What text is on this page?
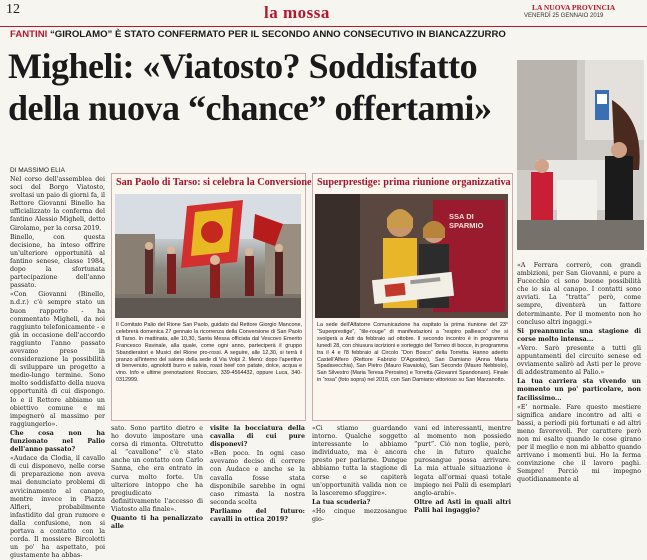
12	la mossa	LA NUOVA PROVINCIA
VENERDÌ 25 GENNAIO 2019
FANTINI “GIROLAMO” È STATO CONFERMATO PER IL SECONDO ANNO CONSECUTIVO IN BIANCAZZURRO
Migheli: «Viatosto? Soddisfatto
della nuova “chance” offertami»
DI MASSIMO ELIA

Nel corso dell'assemblea dei soci del Borgo Viatosto, svoltasi un paio di giorni fa, il Rettore Giovanni Binello ha ufficializzato la conferma del fantino Alessio Migheli, detto Girolamo, per la corsa 2019.

Binello, con questa decisione, ha inteso offrire un'ulteriore opportunità al fantino senese, classe 1984, dopo la sfortunata partecipazione dell'anno passato.

«Con Giovanni (Binello, n.d.r.) c'è sempre stato un buon rapporto - ha commentato Migheli, da noi raggiunto telefonicamente - e già in occasione dell'accordo raggiunto l'anno passato avevamo preso in considerazione la possibilità di sviluppare un progetto a medio-lungo termine. Sono molto soddisfatto della nuova opportunità di cui dispongo. Io e il Rettore abbiamo un obiettivo comune e mi impegnerò al massimo per raggiungerlo».

Che cosa non ha funzionato nel Palio dell'anno passato?

«Audace da Clodia, il cavallo di cui disponevo, nelle corse di preparazione non aveva mai denunciato problemi di avvicinamento al canapo, mentre invece in Piazza Alfieri, probabilmente infastidito dal gran rumore e dalla confusione, non si portava a contatto con la corda. Il mossiere Bircolotti un po' ha aspettato, poi giustamente ha abbas-

San Paolo di Tarso: si celebra la Conversione
Il Comitato Palio del Rione San Paolo, guidato dal Rettore Giorgio Mancone, celebrerà domenica 27 gennaio la ricorrenza della Conversione di San Paolo di Tarso. In mattinata, alle 10,30, Santa Messa officiata dal Vescovo Emerito Francesco Ravinale, alla quale, come ogni anno, parteciperà il gruppo Sbandieratori e Musici del Rione pro-rossi. A seguire, alle 12,30, si terrà il pranzo all'interno del salone della sede di Via Volpi 2. Menù: dopo l'aperitivo di benvenuto, agnolotti burro e salvia, roast beef con patate, dolce, acqua e vino. Info e ultime prenotazioni: Roccaro, 339-4564432, oppure Luca, 340-0312999.
Superprestige: prima riunione organizzativa
SSA DI SPARMIO
La sede dell'Alfatorre Comunicazione ha ospitato la prima riunione del 23° “Superprestige”, “tile-rouge” di manifestazioni a “respiro palliesco” che si svolgerà a Asti da febbraio ad ottobre. Il secondo incontro è in programma lunedì 28, con chiusura iscrizioni e sorteggio del Torneo di bocce, in programma tra il 4 e l'8 febbraio al Circolo “Don Bosco” della Torretta. Hanno aderito Castell'Alfero (Rettore Fabrizio D'Agostino), San Damiano (Anna Maria Spadavecchia), San Pietro (Mauro Ravaiola), San Secondo (Mauro Nebbiolo), San Silvestro (Maria Teresa Perosino) e Torretta (Giovanni Spandonaro). Finale in “rosa” (foto sopra) nel 2018, con San Damiano vittorioso su San Marzanotto.

sato. Sono partito dietro e ho dovuto impostare una corsa di rimonta. Oltretutto al “cavallone” c'è stato anche un contatto con Carlo Sanna, che era entrato in curva molto forte. Un ulteriore intoppo che ha pregiudicato definitivamente l'accesso di Viatosto alla finale».

Quanto ti ha penalizzato alle

visite la bocciatura della cavalla di cui pure disponevi?

«Ben poco. In ogni caso avevamo deciso di correre con Audace e anche se la cavalla fosse stata disponibile sarebbe in ogni caso rimasta la nostra seconda scelta

Parliamo del futuro: cavalli in ottica 2019?

«Ci stiamo guardando intorno. Qualche soggetto interessante lo abbiamo individuato, ma è ancora presto per parlarne. Dunque abbiamo tutta la stagione di corse e se capiterà un'opportunità valida non ce la lasceremo sfuggire».

La tua scuderia?

«Ho cinque mezzosangue gio-

vani ed interessanti, mentre al momento non possiedo “purt”. Ciò non toglie, però, che in futuro qualche purosangue possa arrivare. La mia attuale situazione è legata all'ormai quasi totale impiego nei Palii di esemplari anglo-arabi».

Oltre ad Asti in quali altri Palii hai ingaggio?

«A Ferrara correrò, con grandi ambizioni, per San Giovanni, e pure a Fucecchio ci sono buone possibilità che io sia al canapo. I contatti sono avviati. La “tratta” però, come sempre, diventerà un fattore determinante. Per il momento non ho concluso altri ingaggi.»

Si preannuncia una stagione di corse molto intensa...

«Vero. Sarò presente a tutti gli appuntamenti del circuito senese ed ovviamente salirò ad Asti per le prove di addestramento al Palio.»

La tua carriera sta vivendo un momento un po' particolare, non facilissimo...

«E' normale. Fare questo mestiere significa andare incontro ad alti e bassi, a periodi più fortunati e ad altri meno favorevoli. Per carattere però non mi esalto quando le cose girano per il meglio e non mi abbatto quando arrivano i momenti bui. Ho la ferma convinzione che il lavoro paghi. Sempre! Perciò mi impegno quotidianamente al
